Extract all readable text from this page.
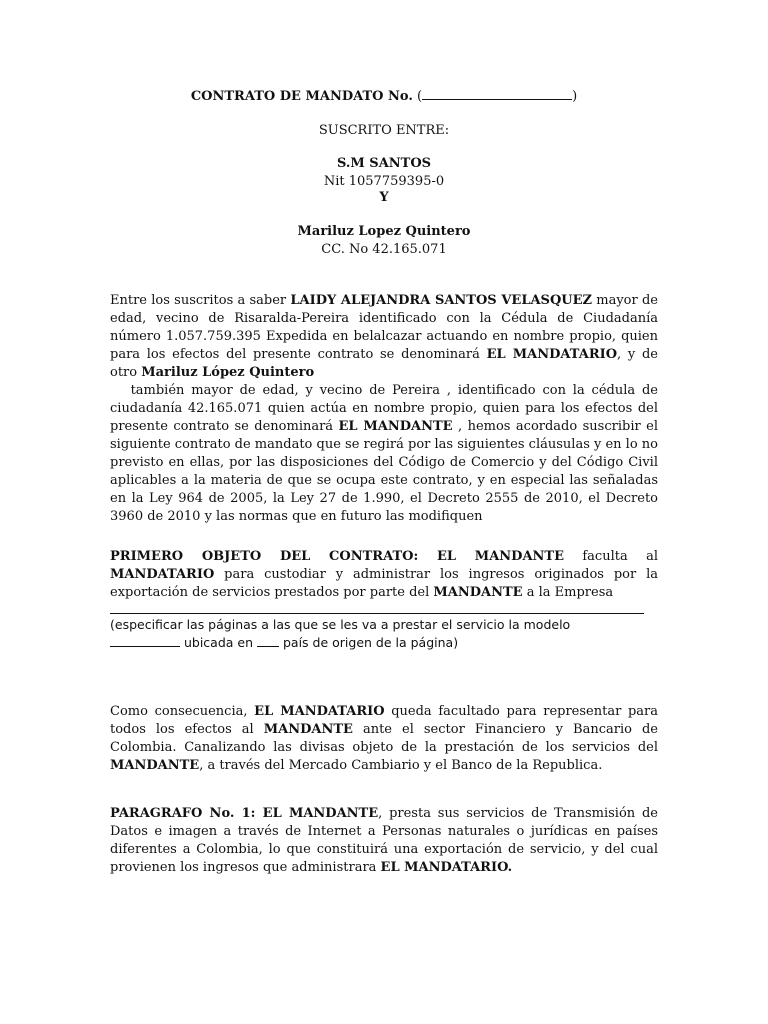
CONTRATO DE MANDATO No. (	)
SUSCRITO ENTRE:
S.M SANTOS
Nit 1057759395-0
Y
Mariluz Lopez Quintero
CC. No 42.165.071

Entre los suscritos a saber LAIDY ALEJANDRA SANTOS VELASQUEZ mayor de edad, vecino de Risaralda-Pereira identificado con la Cédula de Ciudadanía número 1.057.759.395 Expedida en belalcazar actuando en nombre propio, quien para los efectos del presente contrato se denominará EL MANDATARIO, y de otro Mariluz López Quintero
también mayor de edad, y vecino de Pereira , identificado con la cédula de ciudadanía 42.165.071 quien actúa en nombre propio, quien para los efectos del presente contrato se denominará EL MANDANTE , hemos acordado suscribir el siguiente contrato de mandato que se regirá por las siguientes cláusulas y en lo no previsto en ellas, por las disposiciones del Código de Comercio y del Código Civil aplicables a la materia de que se ocupa este contrato, y en especial las señaladas en la Ley 964 de 2005, la Ley 27 de 1.990, el Decreto 2555 de 2010, el Decreto 3960 de 2010 y las normas que en futuro las modifiquen

PRIMERO OBJETO DEL CONTRATO: EL MANDANTE faculta al MANDATARIO para custodiar y administrar los ingresos originados por la exportación de servicios prestados por parte del MANDANTE a la Empresa

(especificar las páginas a las que se les va a prestar el servicio la modelo
ubicada en  país de origen de la página)

Como consecuencia, EL MANDATARIO queda facultado para representar para todos los efectos al MANDANTE ante el sector Financiero y Bancario de Colombia. Canalizando las divisas objeto de la prestación de los servicios del MANDANTE, a través del Mercado Cambiario y el Banco de la Republica.

PARAGRAFO No. 1: EL MANDANTE, presta sus servicios de Transmisión de Datos e imagen a través de Internet a Personas naturales o jurídicas en países diferentes a Colombia, lo que constituirá una exportación de servicio, y del cual provienen los ingresos que administrara EL MANDATARIO.
